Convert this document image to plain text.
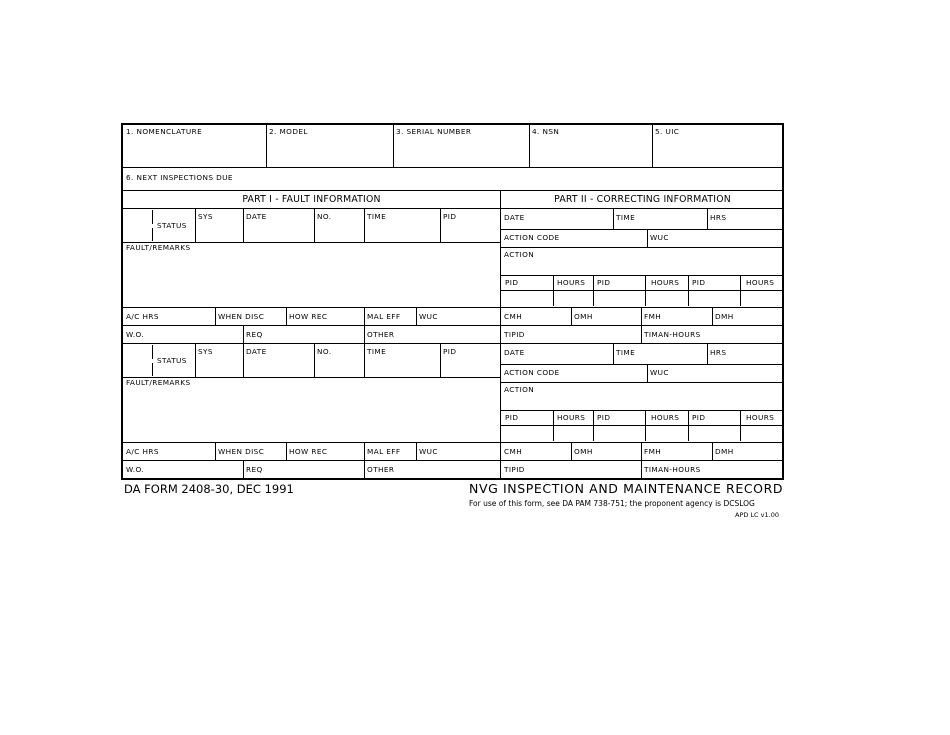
1. NOMENCLATURE	2. MODEL	3. SERIAL NUMBER	4. NSN	5. UIC
6. NEXT INSPECTIONS DUE
PART I - FAULT INFORMATION	PART II - CORRECTING INFORMATION
STATUS
SYS	DATE	NO.	TIME	PID
FAULT/REMARKS
A/C HRS	WHEN DISC	HOW REC	MAL EFF	WUC
W.O.	REQ	OTHER
DATE	TIME	HRS
ACTION CODE	WUC
ACTION
PID	HOURS PID	HOURS PID	HOURS
CMH	OMH	FMH	DMH
TIPID	TIMAN-HOURS
STATUS
SYS	DATE	NO.	TIME	PID
FAULT/REMARKS
A/C HRS	WHEN DISC	HOW REC	MAL EFF	WUC
W.O.	REQ	OTHER
DATE	TIME	HRS
ACTION CODE	WUC
ACTION
PID	HOURS PID	HOURS PID	HOURS
CMH	OMH	FMH	DMH
TIPID	TIMAN-HOURS
DA FORM 2408-30, DEC 1991	NVG INSPECTION AND MAINTENANCE RECORD
For use of this form, see DA PAM 738-751; the proponent agency is DCSLOG
APD LC v1.00
